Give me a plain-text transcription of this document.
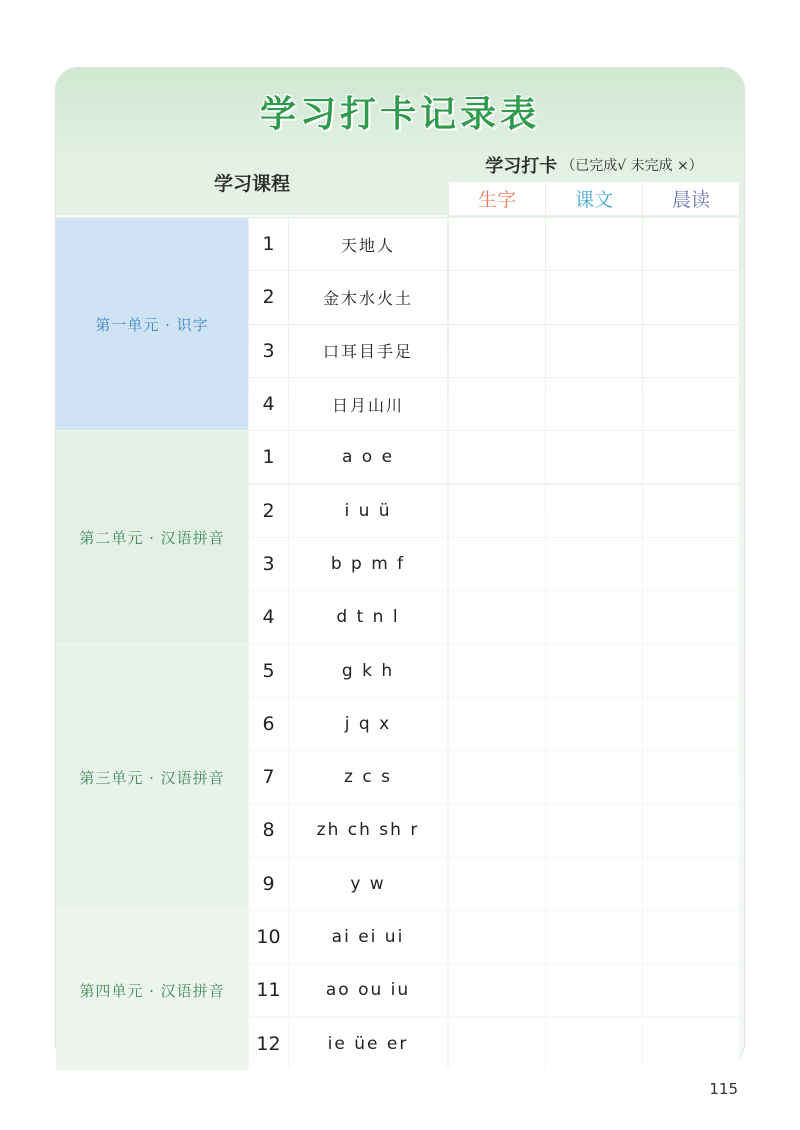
学习打卡记录表
学习课程
学习打卡 （已完成√ 未完成 ×）
生字	课文	晨读
第一单元 · 识字
1	天地人
2	金木水火土
3	口耳目手足
4	日月山川
第二单元 · 汉语拼音
1	a o e
2	i u ü
3	b p m f
4	d t n l
第三单元 · 汉语拼音
5	g k h
6	j q x
7	z c s
8	zh ch sh r
9	y w
第四单元 · 汉语拼音
10	ai ei ui
11	ao ou iu
12	ie üe er
115
